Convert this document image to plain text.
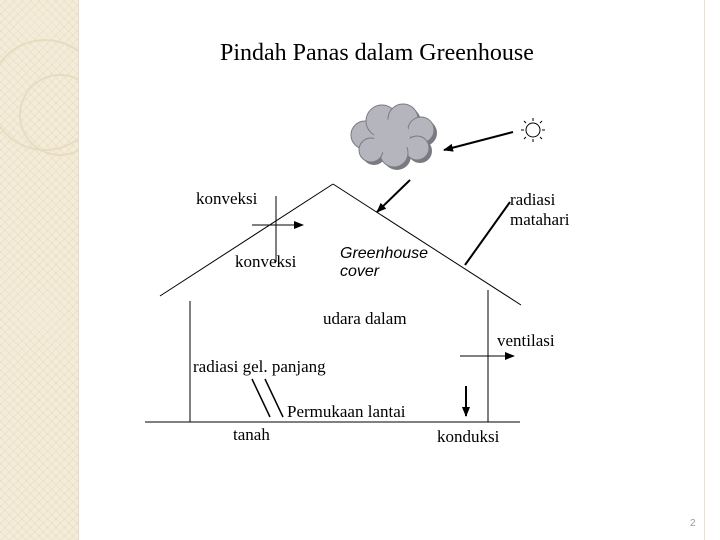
Pindah Panas dalam Greenhouse
konveksi
konveksi
radiasi
matahari
Greenhouse
cover
udara dalam
ventilasi
radiasi gel. panjang
Permukaan lantai
tanah	konduksi
2
